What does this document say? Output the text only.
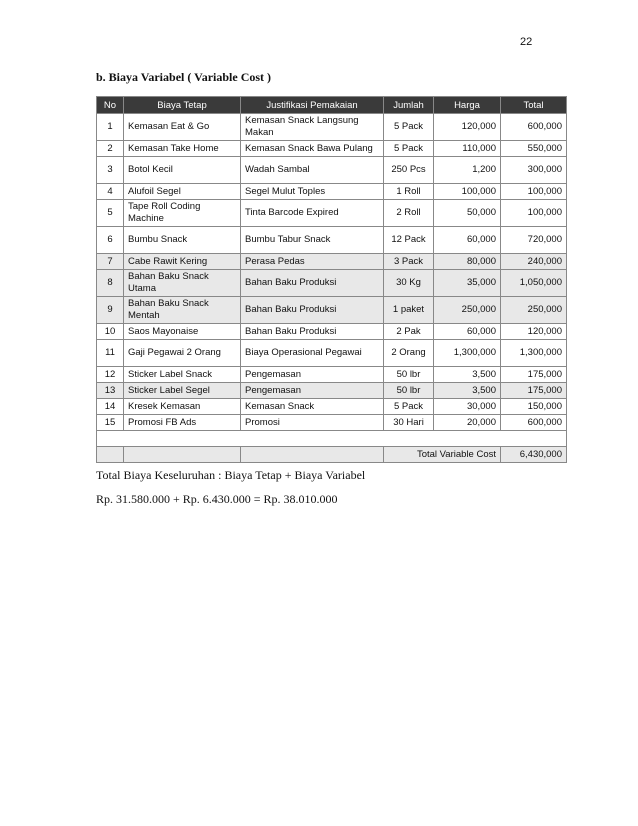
22
b. Biaya Variabel ( Variable Cost )
No	Biaya Tetap	Justifikasi Pemakaian	Jumlah	Harga	Total
1	Kemasan Eat & Go	Kemasan Snack Langsung Makan	5 Pack	120,000	600,000
2	Kemasan Take Home	Kemasan Snack Bawa Pulang	5 Pack	110,000	550,000
3	Botol Kecil	Wadah Sambal	250 Pcs	1,200	300,000
4	Alufoil Segel	Segel Mulut Toples	1 Roll	100,000	100,000
5	Tape Roll Coding Machine	Tinta Barcode Expired	2 Roll	50,000	100,000
6	Bumbu Snack	Bumbu Tabur Snack	12 Pack	60,000	720,000
7	Cabe Rawit Kering	Perasa Pedas	3 Pack	80,000	240,000
8	Bahan Baku Snack Utama	Bahan Baku Produksi	30 Kg	35,000	1,050,000
9	Bahan Baku Snack Mentah	Bahan Baku Produksi	1 paket	250,000	250,000
10	Saos Mayonaise	Bahan Baku Produksi	2 Pak	60,000	120,000
11	Gaji Pegawai 2 Orang	Biaya Operasional Pegawai	2 Orang	1,300,000	1,300,000
12	Sticker Label Snack	Pengemasan	50 lbr	3,500	175,000
13	Sticker Label Segel	Pengemasan	50 lbr	3,500	175,000
14	Kresek Kemasan	Kemasan Snack	5 Pack	30,000	150,000
15	Promosi FB Ads	Promosi	30 Hari	20,000	600,000

			Total Variable Cost		6,430,000
Total Biaya Keseluruhan : Biaya Tetap + Biaya Variabel
Rp. 31.580.000 + Rp. 6.430.000 = Rp. 38.010.000
